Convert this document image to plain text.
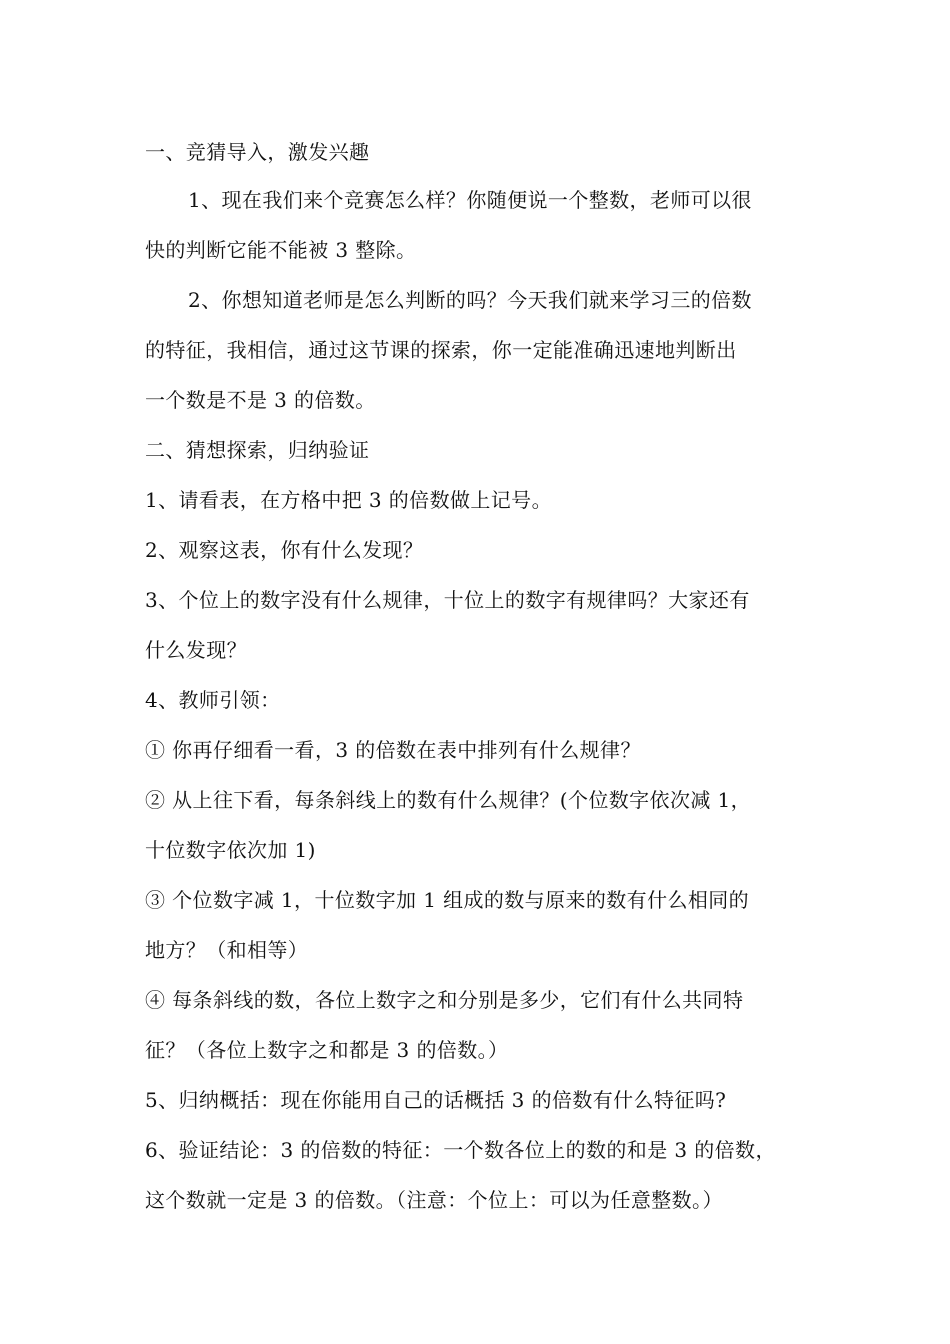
一、竞猜导入，激发兴趣
1、现在我们来个竞赛怎么样？你随便说一个整数，老师可以很
快的判断它能不能被 3 整除。
2、你想知道老师是怎么判断的吗？今天我们就来学习三的倍数
的特征，我相信，通过这节课的探索，你一定能准确迅速地判断出
一个数是不是 3 的倍数。
二、猜想探索，归纳验证
1、请看表，在方格中把 3 的倍数做上记号。
2、观察这表，你有什么发现？
3、个位上的数字没有什么规律，十位上的数字有规律吗？大家还有
什么发现？
4、教师引领：
① 你再仔细看一看，3 的倍数在表中排列有什么规律？
② 从上往下看，每条斜线上的数有什么规律？(个位数字依次减 1，
十位数字依次加 1)
③ 个位数字减 1，十位数字加 1 组成的数与原来的数有什么相同的
地方？（和相等）
④ 每条斜线的数，各位上数字之和分别是多少，它们有什么共同特
征？（各位上数字之和都是 3 的倍数。）
5、归纳概括：现在你能用自己的话概括 3 的倍数有什么特征吗?
6、验证结论：3 的倍数的特征：一个数各位上的数的和是 3 的倍数，
这个数就一定是 3 的倍数。（注意：个位上：可以为任意整数。）
